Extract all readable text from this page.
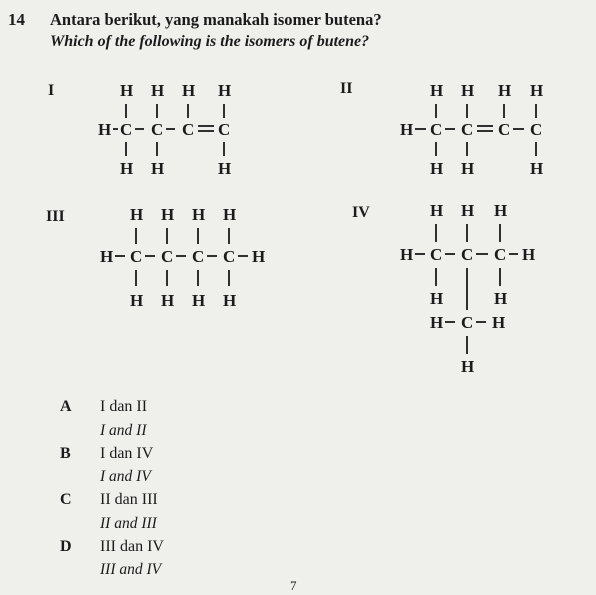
14 Antara berikut, yang manakah isomer butena?
Which of the following is the isomers of butene?
I	H H H H
H C C C C
H H	H
II	H H H H
H C C C C
H H	H
III	H H H H
H C C C C H
H H H H
IV	H H H
H C C C H
H	H
H C H
H
A I dan II
I and II
B I dan IV
I and IV
C II dan III
II and III
D III dan IV
III and IV
7
